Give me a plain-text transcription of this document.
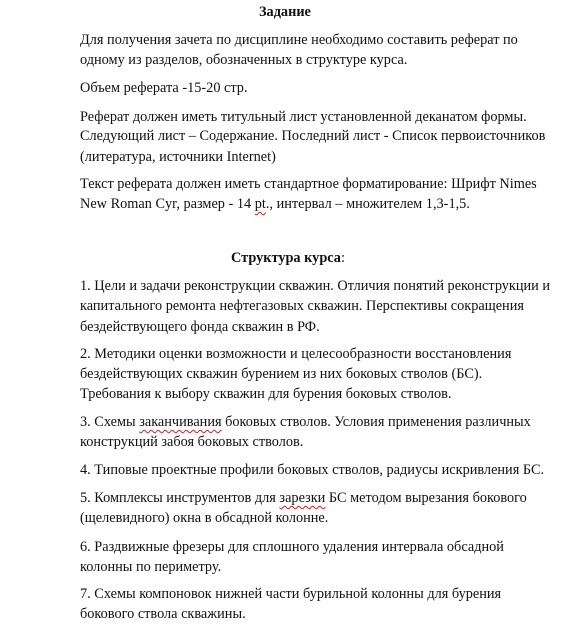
Задание
Для получения зачета по дисциплине необходимо составить реферат по
одному из разделов, обозначенных в структуре курса.
Объем реферата -15-20 стр.
Реферат должен иметь титульный лист установленной деканатом формы.
Следующий лист – Содержание. Последний лист - Список первоисточников
(литература, источники Internet)
Текст реферата должен иметь стандартное форматирование: Шрифт Nimes
New Roman Cyr, размер - 14 pt., интервал – множителем 1,3-1,5.
Структура курса:
1. Цели и задачи реконструкции скважин. Отличия понятий реконструкции и
капитального ремонта нефтегазовых скважин. Перспективы сокращения
бездействующего фонда скважин в РФ.
2. Методики оценки возможности и целесообразности восстановления
бездействующих скважин бурением из них боковых стволов (БС).
Требования к выбору скважин для бурения боковых стволов.
3. Схемы заканчивания боковых стволов. Условия применения различных
конструкций забоя боковых стволов.
4. Типовые проектные профили боковых стволов, радиусы искривления БС.
5. Комплексы инструментов для зарезки БС методом вырезания бокового
(щелевидного) окна в обсадной колонне.
6. Раздвижные фрезеры для сплошного удаления интервала обсадной
колонны по периметру.
7. Схемы компоновок нижней части бурильной колонны для бурения
бокового ствола скважины.
